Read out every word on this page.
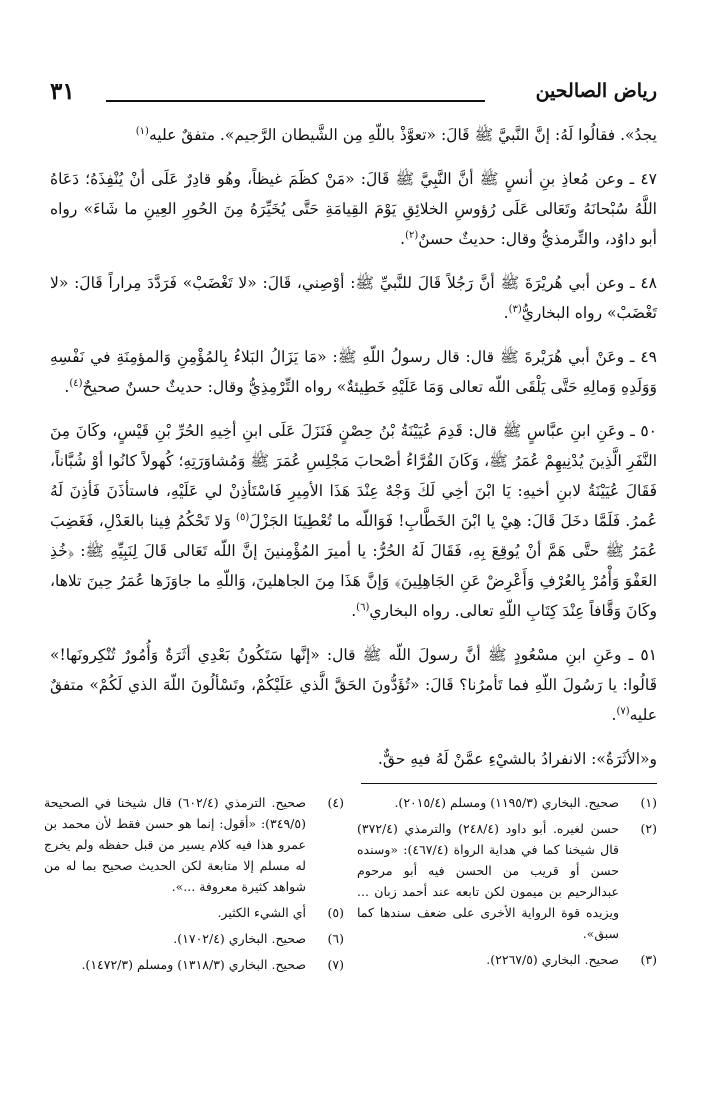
رياض الصالحين
٣١

يجدُ». فقالُوا لَهُ: إنَّ النَّبيَّ ﷺ قَالَ: «تعوَّذْ باللّهِ مِن الشَّيطان الرَّجيم». متفقٌ عليه$^{(١)}$

٤٧ ـ وعن مُعاذِ بنِ أنسٍ ﷺ أنَّ النَّبِيَّ ﷺ قَالَ: «مَنْ كظَمَ غيظاً، وهُو قادِرٌ عَلَى أنْ يُنْفِذَهُ؛ دَعَاهُ اللَّهُ سُبْحانَهُ وتَعَالى عَلَى رُؤوسِ الخلائِقِ يَوْمَ القِيامَةِ حَتَّى يُخَيِّرَهُ مِنَ الحُورِ العِينِ ما شَاءَ» رواه أبو داوُد، والتِّرمذيُّ وقال: حديثٌ حسنٌ$^{(٢)}$.

٤٨ ـ وعن أبي هُريْرَةَ ﷺ أنَّ رَجُلاً قَالَ للنَّبيِّ ﷺ: أوْصِني، قَالَ: «لا تَغْضَبْ» فَرَدَّدَ مِراراً قَالَ: «لا تَغْضَبْ» رواه البخاريُّ$^{(٣)}$.

٤٩ ـ وعَنْ أبي هُرَيْرةَ ﷺ قال: قال رسولُ اللّهِ ﷺ: «مَا يَزَالُ البَلاءُ بِالمُؤْمِنِ وَالمؤمِنَةِ في نَفْسِهِ وَوَلَدِهِ وَمالِهِ حَتَّى يَلْقَى اللّه تعالى وَمَا عَلَيْهِ خَطِيئةٌ» رواه التِّرْمِذِيُّ وقال: حديثٌ حسنٌ صحيحٌ$^{(٤)}$.

٥٠ ـ وعَنِ ابنِ عبَّاسٍ ﷺ قال: قَدِمَ عُيَيْنَةُ بْنُ حِصْنٍ فَنَزَلَ عَلَى ابنِ أخِيهِ الحُرِّ بْنِ قَيْسٍ، وكَانَ مِنَ النَّفَرِ الَّذِينَ يُدْنِيهِمْ عُمَرُ ﷺ، وَكَانَ القُرَّاءُ أصْحابَ مَجْلِسِ عُمَرَ ﷺ وَمُشاوَرَتِهِ؛ كُهولاً كانُوا أوْ شُبَّاناً، فَقَالَ عُيَيْنَةُ لابنِ أخيهِ: يَا ابْنَ أخِي لَكَ وَجْهٌ عِنْدَ هَذَا الأمِيرِ فَاسْتَأذِنْ لي عَلَيْهِ، فاستأذَنَ فَأذِنَ لَهُ عُمرُ. فَلَمَّا دخَلَ قَالَ: هِيْ يا ابْنَ الخَطَّابِ! فَوَاللّه ما تُعْطِينَا الجَزْلَ$^{(٥)}$ وَلا تَحْكُمُ فِينا بالعَدْلِ، فَغَضِبَ عُمَرُ ﷺ حتَّى هَمَّ أنْ يُوقِعَ بِهِ، فَقَالَ لَهُ الحُرُّ: يا أميرَ المُؤْمِنينَ إنَّ اللّه تَعَالى قَالَ لِنَبِيِّهِ ﷺ: ﴿خُذِ العَفْوَ وَأْمُرْ بِالعُرْفِ وَأَعْرِضْ عَنِ الجَاهِلِينَ﴾ وَإنَّ هَذَا مِنَ الجاهلينَ، وَاللّهِ ما جاوَزَها عُمَرُ حِينَ تلاها، وكَانَ وَقَّافاً عِنْدَ كِتَابِ اللّهِ تعالى. رواه البخاري$^{(٦)}$.

٥١ ـ وعَنِ ابنِ مسْعُودٍ ﷺ أنَّ رسولَ اللّه ﷺ قال: «إنَّها سَتَكُونُ بَعْدِي أثَرَةٌ وَأُمُورٌ تُنْكِرونَها!» قَالُوا: يا رَسُولَ اللّهِ فما تَأمرُنا؟ قَالَ: «تُؤَدُّونَ الحَقَّ الَّذي عَلَيْكُمْ، وتَسْألُونَ اللّهَ الذي لَكُمْ» متفقٌ عليه$^{(٧)}$.

و«الأثَرَةُ»: الانفرادُ بالشيْءِ عمَّنْ لَهُ فيهِ حقٌّ.

(١)
صحيح. البخاري (١١٩٥/٣) ومسلم (٢٠١٥/٤).
(٢)
حسن لغيره. أبو داود (٢٤٨/٤) والترمذي (٣٧٢/٤) قال شيخنا كما في هداية الرواة (٤٦٧/٤): «وسنده حسن أو قريب من الحسن فيه أبو مرحوم عبدالرحيم بن ميمون لكن تابعه عند أحمد زبان ... ويزيده قوة الرواية الأخرى على ضعف سندها كما سبق».
(٣)
صحيح. البخاري (٢٢٦٧/٥).
(٤)
صحيح. الترمذي (٦٠٢/٤) قال شيخنا في الصحيحة (٣٤٩/٥): «أقول: إنما هو حسن فقط لأن محمد بن عمرو هذا فيه كلام يسير من قبل حفظه ولم يخرج له مسلم إلا متابعة لكن الحديث صحيح بما له من شواهد كثيرة معروفة ...».
(٥)
أي الشيء الكثير.
(٦)
صحيح. البخاري (١٧٠٢/٤).
(٧)
صحيح. البخاري (١٣١٨/٣) ومسلم (١٤٧٢/٣).
